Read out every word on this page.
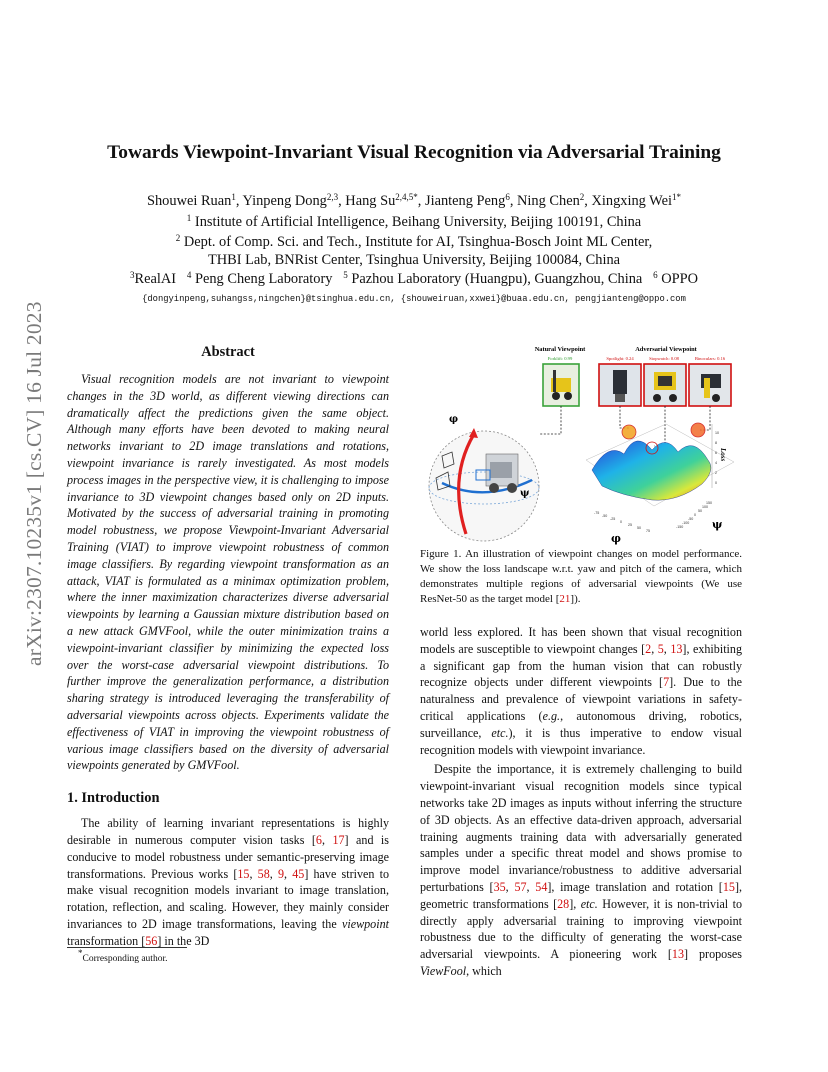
arXiv:2307.10235v1 [cs.CV] 16 Jul 2023
Towards Viewpoint-Invariant Visual Recognition via Adversarial Training
Shouwei Ruan$^1$, Yinpeng Dong$^{2,3}$, Hang $Su^{2,4,5*}$, Jianteng Peng$^6$, Ning Chen$^2$, Xingxing Wei$^{1*}$
$^1$ Institute of Artificial Intelligence, Beihang University, Beijing 100191, China
$^2$ Dept. of Comp. Sci. and Tech., Institute for AI, Tsinghua-Bosch Joint ML Center,
THBI Lab, BNRist Center, Tsinghua University, Beijing 100084, China
$^3$RealAI $^4$ Peng Cheng Laboratory $^5$ Pazhou Laboratory (Huangpu), Guangzhou, China $^6$ OPPO
{dongyinpeng,suhangss,ningchen}@tsinghua.edu.cn, {shouweiruan,xxwei}@buaa.edu.cn, pengjianteng@oppo.com
Abstract

Visual recognition models are not invariant to viewpoint changes in the 3D world, as different viewing directions can dramatically affect the predictions given the same object. Although many efforts have been devoted to making neural networks invariant to 2D image translations and rotations, viewpoint invariance is rarely investigated. As most models process images in the perspective view, it is challenging to impose invariance to 3D viewpoint changes based only on 2D inputs. Motivated by the success of adversarial training in promoting model robustness, we propose Viewpoint-Invariant Adversarial Training (VIAT) to improve viewpoint robustness of common image classifiers. By regarding viewpoint transformation as an attack, VIAT is formulated as a minimax optimization problem, where the inner maximization characterizes diverse adversarial viewpoints by learning a Gaussian mixture distribution based on a new attack GMVFool, while the outer minimization trains a viewpoint-invariant classifier by minimizing the expected loss over the worst-case adversarial viewpoint distributions. To further improve the generalization performance, a distribution sharing strategy is introduced leveraging the transferability of adversarial viewpoints across objects. Experiments validate the effectiveness of VIAT in improving the viewpoint robustness of various image classifiers based on the diversity of adversarial viewpoints generated by GMVFool.

1. Introduction

The ability of learning invariant representations is highly desirable in numerous computer vision tasks [6, 17] and is conducive to model robustness under semantic-preserving image transformations. Previous works [15, 58, 9, 45] have striven to make visual recognition models invariant to image translation, rotation, reflection, and scaling. However, they mainly consider invariances to 2D image transformations, leaving the viewpoint transformation [56] in the 3D

*Corresponding author.
Natural Viewpoint	Adversarial Viewpoint
Forklift: 0.99	Spotlight: 0.24	Stopwatch: 0.08	Binoculars: 0.16
φ
ψ
Loss
10
8
6
4
2
0
-75
-50
-25
0
25
50
75
150
100
50
0
-50
-100
-150
φ
ψ
Figure 1. An illustration of viewpoint changes on model performance. We show the loss landscape w.r.t. yaw and pitch of the camera, which demonstrates multiple regions of adversarial viewpoints (We use ResNet-50 as the target model [21]).

world less explored. It has been shown that visual recognition models are susceptible to viewpoint changes [2, 5, 13], exhibiting a significant gap from the human vision that can robustly recognize objects under different viewpoints [7]. Due to the naturalness and prevalence of viewpoint variations in safety-critical applications (e.g., autonomous driving, robotics, surveillance, etc.), it is thus imperative to endow visual recognition models with viewpoint invariance.

Despite the importance, it is extremely challenging to build viewpoint-invariant visual recognition models since typical networks take 2D images as inputs without inferring the structure of 3D objects. As an effective data-driven approach, adversarial training augments training data with adversarially generated samples under a specific threat model and shows promise to improve model invariance/robustness to additive adversarial perturbations [35, 57, 54], image translation and rotation [15], geometric transformations [28], etc. However, it is non-trivial to directly apply adversarial training to improving viewpoint robustness due to the difficulty of generating the worst-case adversarial viewpoints. A pioneering work [13] proposes ViewFool, which
